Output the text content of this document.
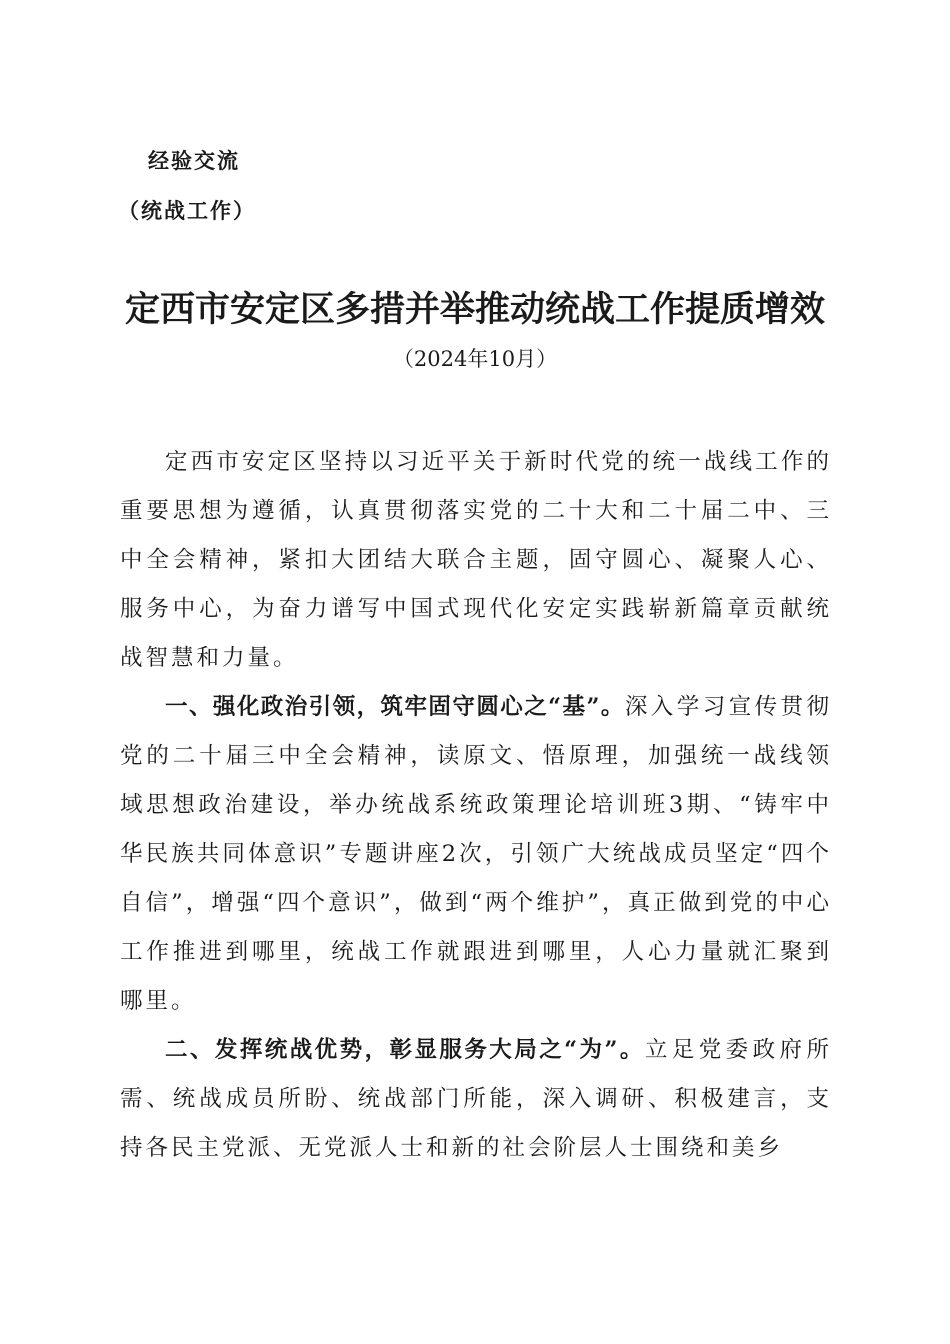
经验交流
（统战工作）
定西市安定区多措并举推动统战工作提质增效
（2024年10月）

定西市安定区坚持以习近平关于新时代党的统一战线工作的重要思想为遵循，认真贯彻落实党的二十大和二十届二中、三中全会精神，紧扣大团结大联合主题，固守圆心、凝聚人心、服务中心，为奋力谱写中国式现代化安定实践崭新篇章贡献统战智慧和力量。

一、强化政治引领，筑牢固守圆心之“基”。深入学习宣传贯彻党的二十届三中全会精神，读原文、悟原理，加强统一战线领域思想政治建设，举办统战系统政策理论培训班3期、“铸牢中华民族共同体意识”专题讲座2次，引领广大统战成员坚定“四个自信”，增强“四个意识”，做到“两个维护”，真正做到党的中心工作推进到哪里，统战工作就跟进到哪里，人心力量就汇聚到哪里。

二、发挥统战优势，彰显服务大局之“为”。立足党委政府所需、统战成员所盼、统战部门所能，深入调研、积极建言，支持各民主党派、无党派人士和新的社会阶层人士围绕和美乡
